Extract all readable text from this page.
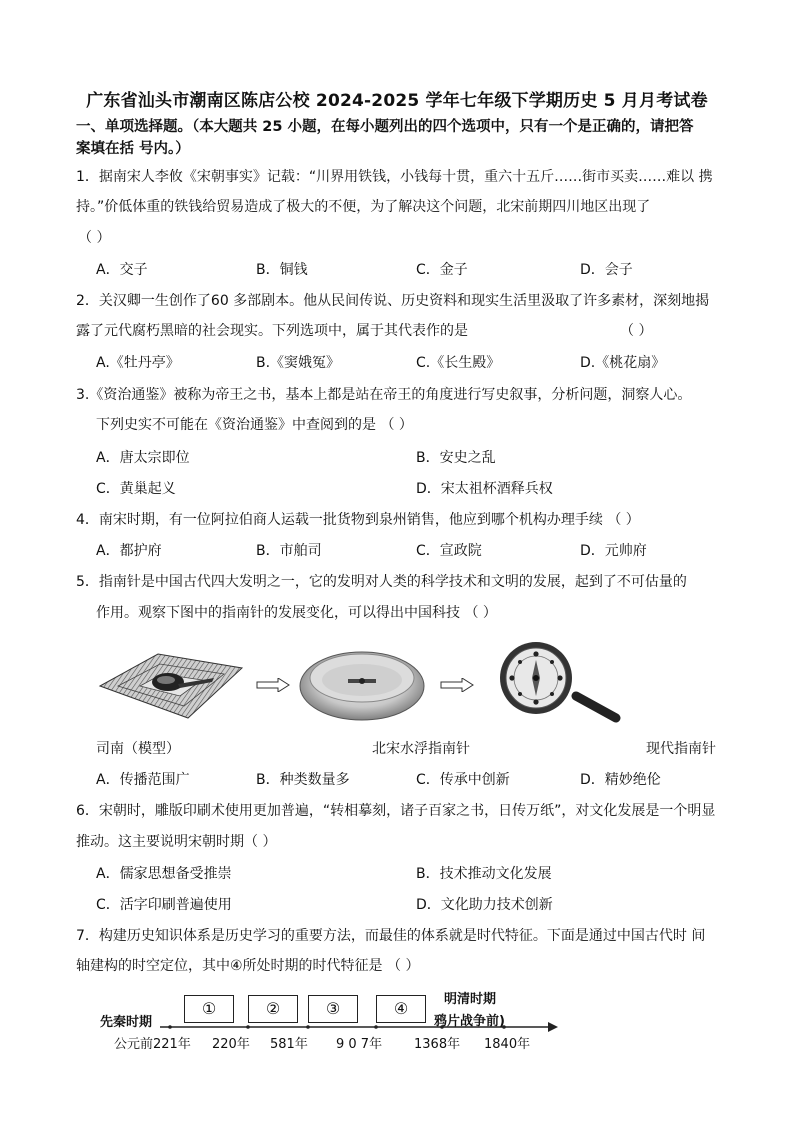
广东省汕头市潮南区陈店公校 2024-2025 学年七年级下学期历史 5 月月考试卷
一、单项选择题。（本大题共 25 小题，在每小题列出的四个选项中，只有一个是正确的，请把答
案填在括 号内。）
1．据南宋人李攸《宋朝事实》记载：“川界用铁钱，小钱每十贯，重六十五斤……街市买卖……难以 携
持。”价低体重的铁钱给贸易造成了极大的不便，为了解决这个问题，北宋前期四川地区出现了
（ ）
A．交子	B．铜钱	C．金子	D．会子
2．关汉卿一生创作了60 多部剧本。他从民间传说、历史资料和现实生活里汲取了许多素材，深刻地揭
露了元代腐朽黑暗的社会现实。下列选项中，属于其代表作的是	（ ）
A.《牡丹亭》	B.《窦娥冤》	C.《长生殿》	D.《桃花扇》
3.《资治通鉴》被称为帝王之书，基本上都是站在帝王的角度进行写史叙事，分析问题，洞察人心。
下列史实不可能在《资治通鉴》中查阅到的是 （ ）
A．唐太宗即位	B．安史之乱
C．黄巢起义	D．宋太祖杯酒释兵权
4．南宋时期，有一位阿拉伯商人运载一批货物到泉州销售，他应到哪个机构办理手续 （ ）
A．都护府	B．市舶司	C．宣政院	D．元帅府
5．指南针是中国古代四大发明之一，它的发明对人类的科学技术和文明的发展，起到了不可估量的
作用。观察下图中的指南针的发展变化，可以得出中国科技 （ ）
司南（模型）	北宋水浮指南针	现代指南针
A．传播范围广	B．种类数量多	C．传承中创新	D．精妙绝伦
6．宋朝时，雕版印刷术使用更加普遍，“转相摹刻，诸子百家之书，日传万纸”，对文化发展是一个明显
推动。这主要说明宋朝时期（ ）
A．儒家思想备受推崇	B．技术推动文化发展
C．活字印刷普遍使用	D．文化助力技术创新
7．构建历史知识体系是历史学习的重要方法，而最佳的体系就是时代特征。下面是通过中国古代时 间
轴建构的时空定位，其中④所处时期的时代特征是 （ ）
先秦时期
明清时期
鸦片战争前)
①	②	③	④
公元前221年 220年 581年 9 0 7年 1368年 1840年
